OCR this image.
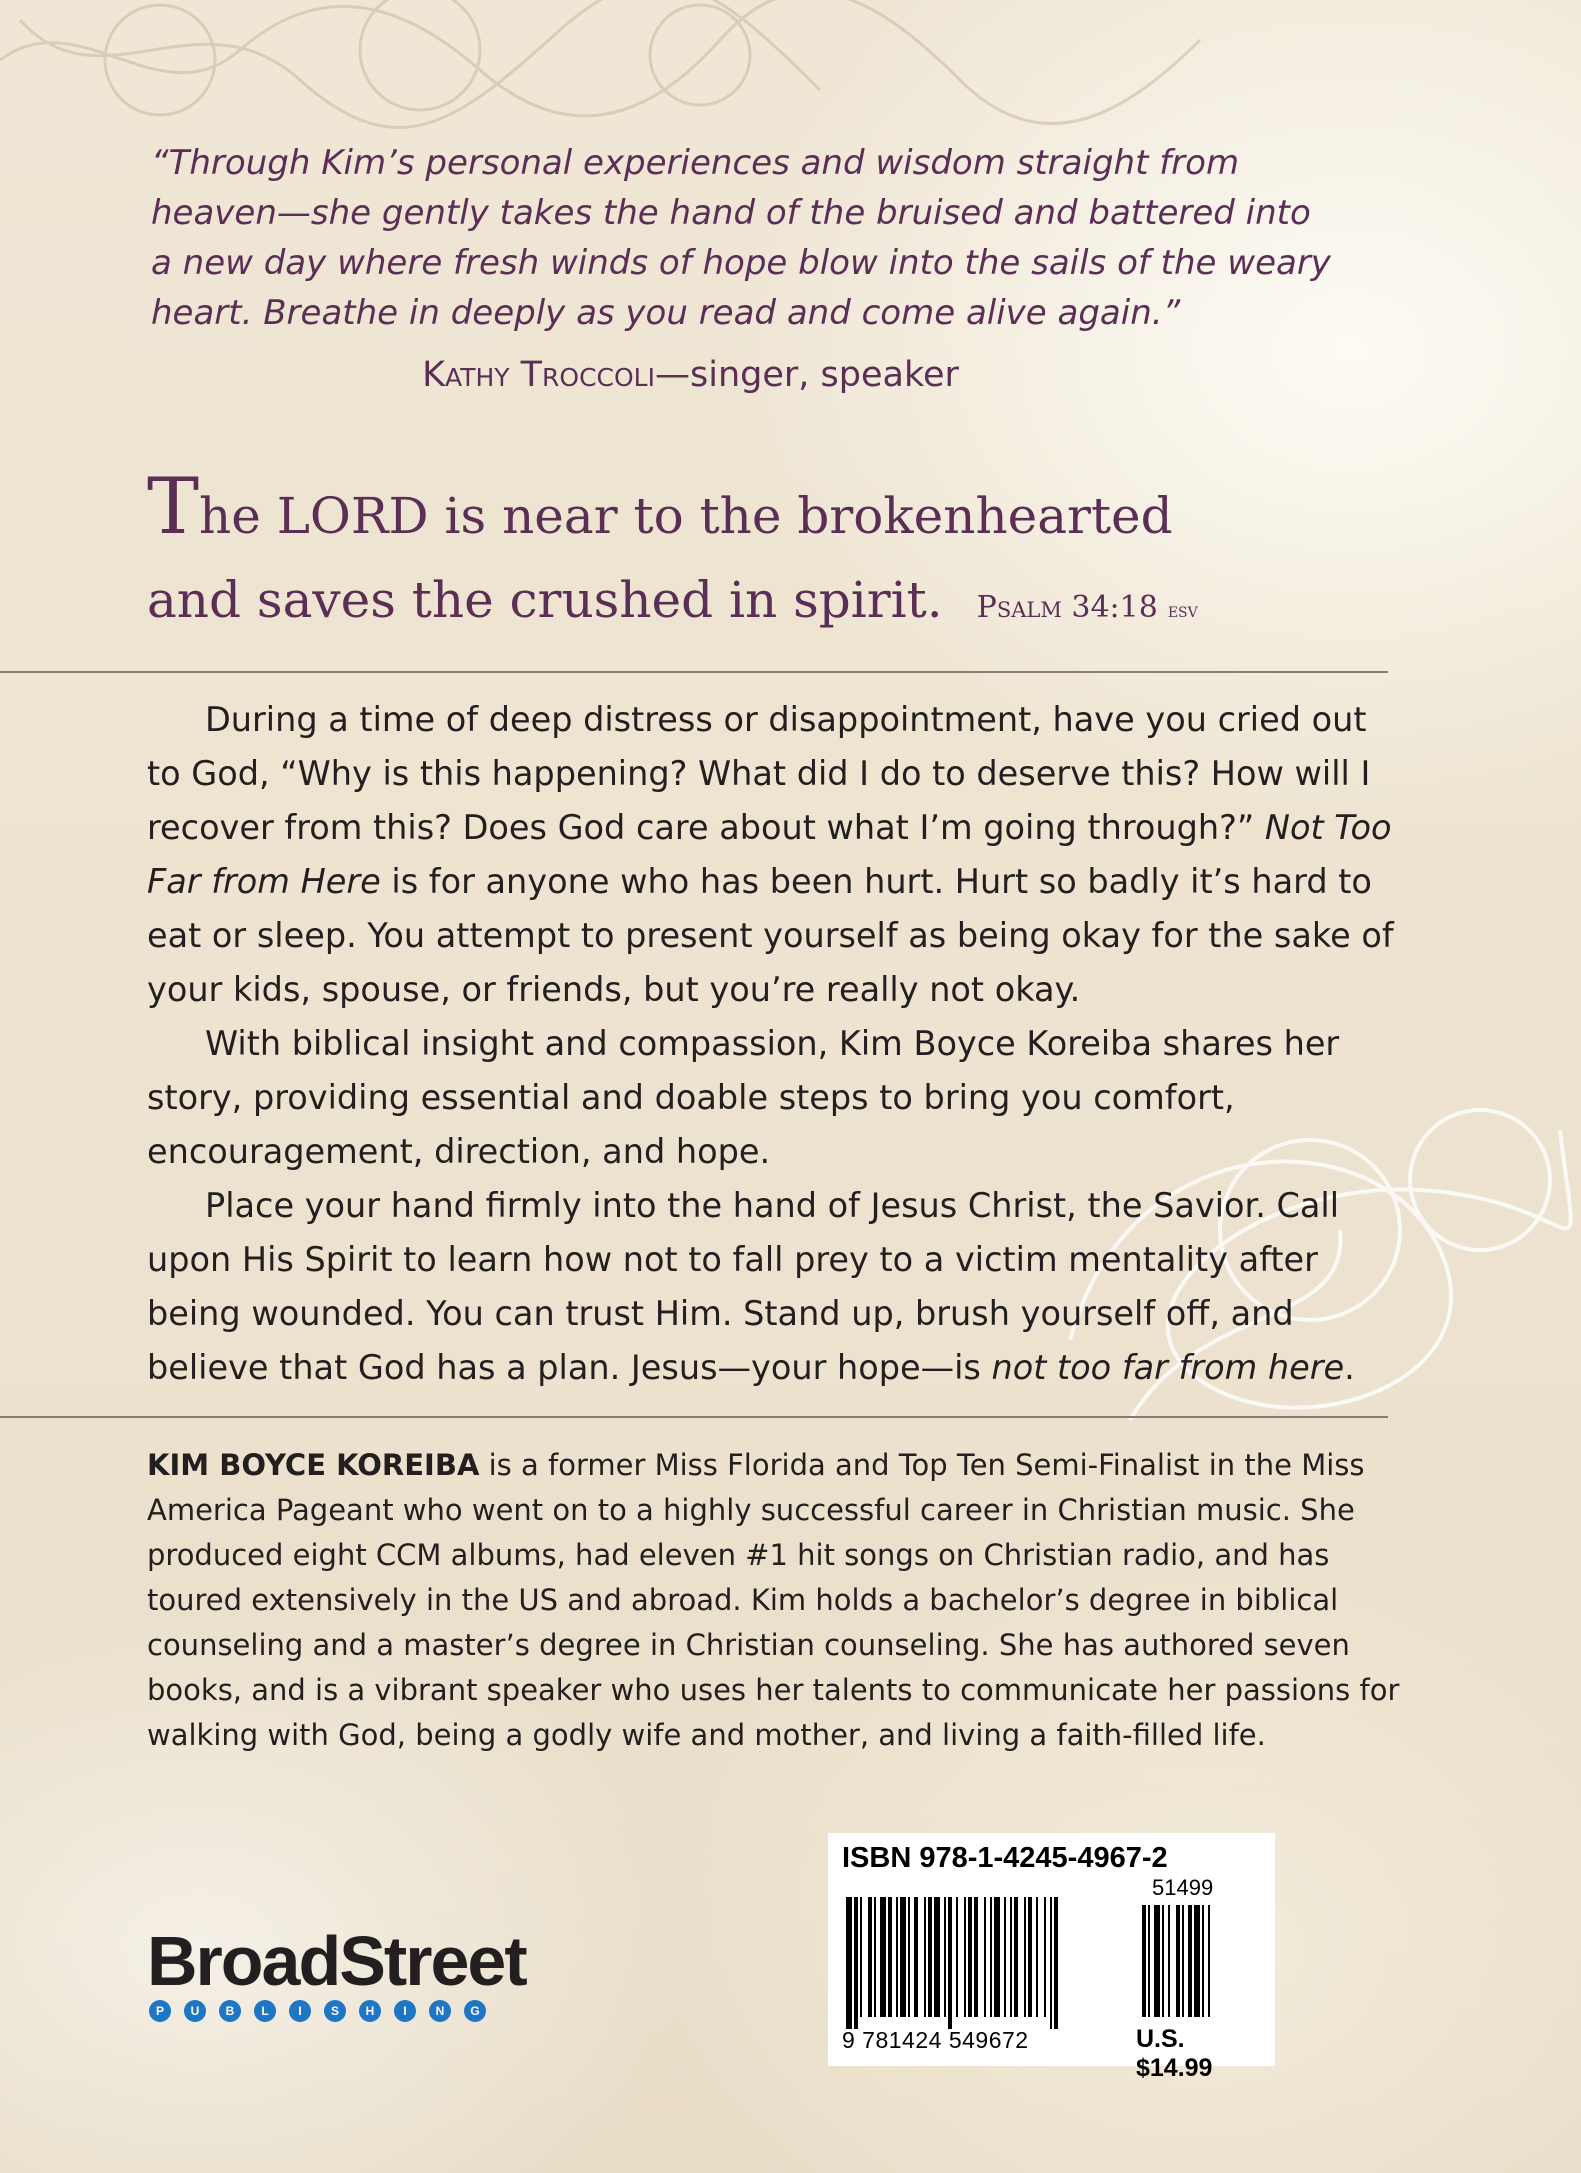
“Through Kim’s personal experiences and wisdom straight from
heaven—she gently takes the hand of the bruised and battered into
a new day where fresh winds of hope blow into the sails of the weary
heart. Breathe in deeply as you read and come alive again.”

Kathy Troccoli—singer, speaker

The LORD is near to the brokenhearted
and saves the crushed in spirit. Psalm 34:18 esv

During a time of deep distress or disappointment, have you cried out to God, “Why is this happening? What did I do to deserve this? How will I recover from this? Does God care about what I’m going through?” Not Too Far from Here is for anyone who has been hurt. Hurt so badly it’s hard to eat or sleep. You attempt to present yourself as being okay for the sake of your kids, spouse, or friends, but you’re really not okay.

With biblical insight and compassion, Kim Boyce Koreiba shares her story, providing essential and doable steps to bring you comfort, encouragement, direction, and hope.

Place your hand firmly into the hand of Jesus Christ, the Savior. Call upon His Spirit to learn how not to fall prey to a victim mentality after being wounded. You can trust Him. Stand up, brush yourself off, and believe that God has a plan. Jesus—your hope—is not too far from here.

KIM BOYCE KOREIBA is a former Miss Florida and Top Ten Semi-Finalist in the Miss America Pageant who went on to a highly successful career in Christian music. She produced eight CCM albums, had eleven #1 hit songs on Christian radio, and has toured extensively in the US and abroad. Kim holds a bachelor’s degree in biblical counseling and a master’s degree in Christian counseling. She has authored seven books, and is a vibrant speaker who uses her talents to communicate her passions for walking with God, being a godly wife and mother, and living a faith-filled life.

BroadStreet
P	U	B	L	I	S	H	I	N	G
ISBN 978-1-4245-4967-2
51499
9 781424 549672	U.S. $14.99
